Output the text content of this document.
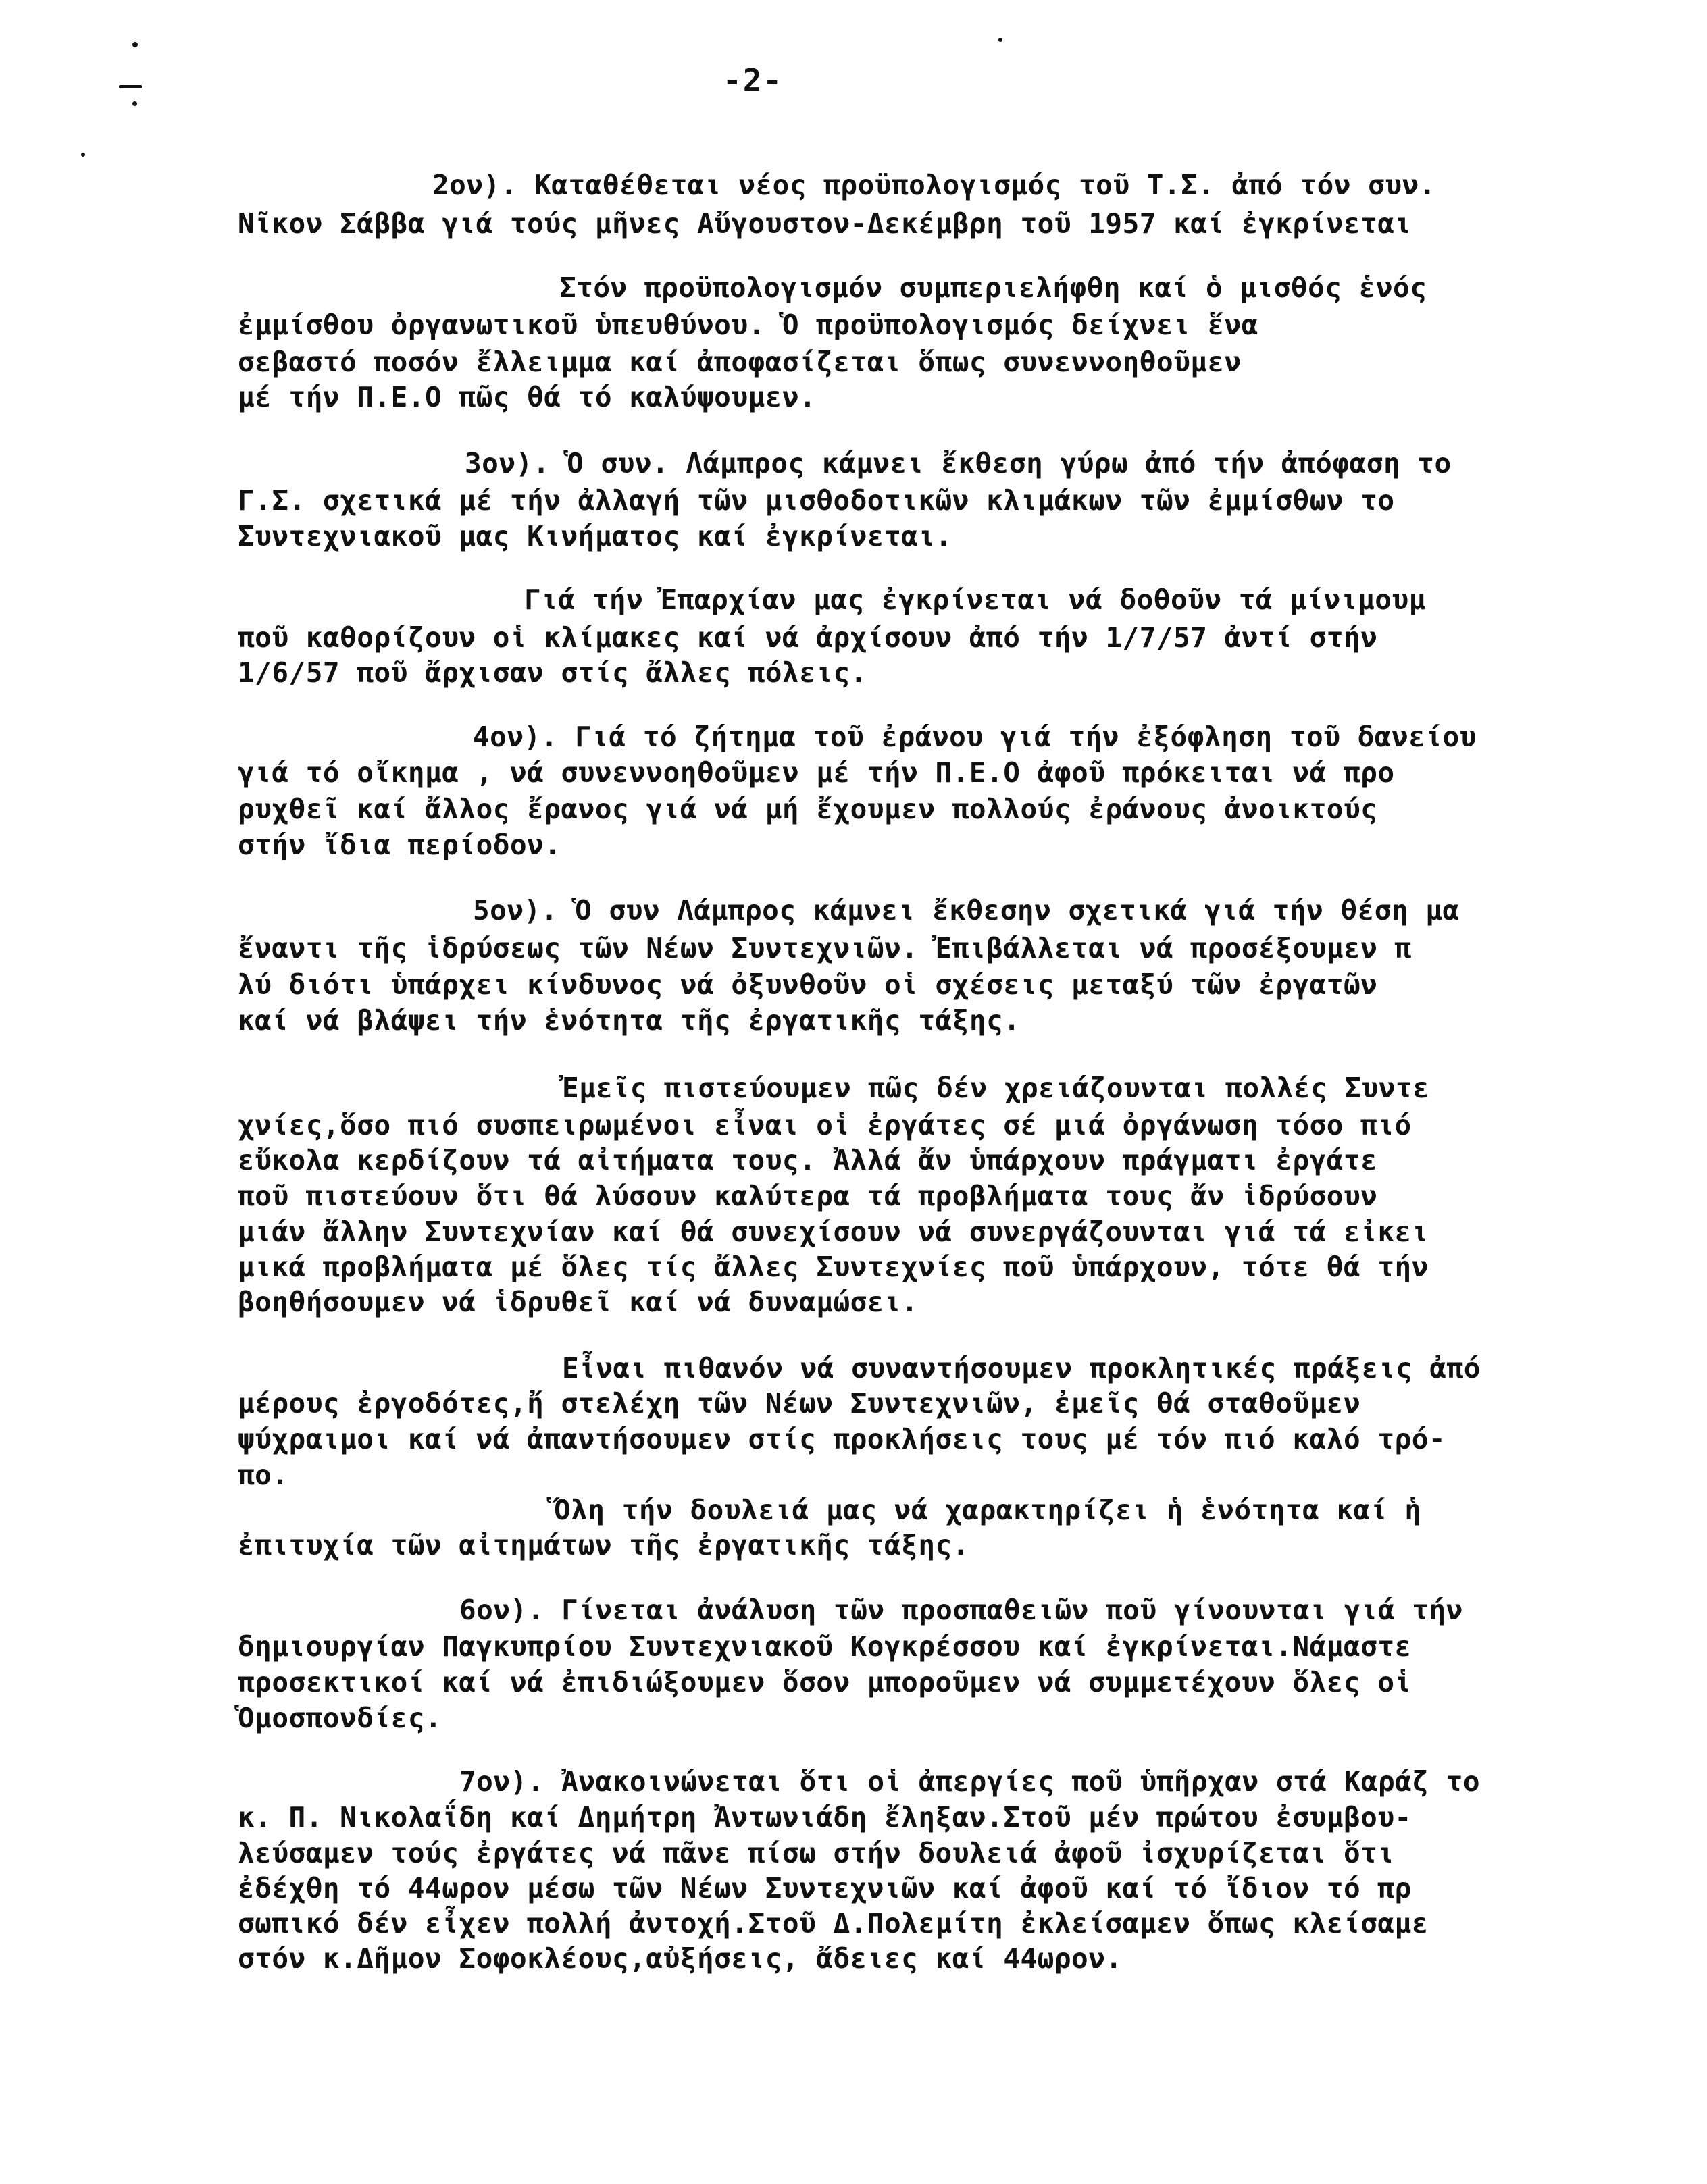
-2-
2ον). Καταθέθεται νέος προϋπολογισμός τοῦ Τ.Σ. ἀπό τόν συν.
Νῖκον Σάββα γιά τούς μῆνες Αὔγουστον-Δεκέμβρη τοῦ 1957 καί ἐγκρίνεται
Στόν προϋπολογισμόν συμπεριελήφθη καί ὁ μισθός ἑνός
ἐμμίσθου ὀργανωτικοῦ ὑπευθύνου. Ὁ προϋπολογισμός δείχνει ἕνα
σεβαστό ποσόν ἔλλειμμα καί ἀποφασίζεται ὅπως συνεννοηθοῦμεν
μέ τήν Π.Ε.Ο πῶς θά τό καλύψουμεν.
3ον). Ὁ συν. Λάμπρος κάμνει ἔκθεση γύρω ἀπό τήν ἀπόφαση το
Γ.Σ. σχετικά μέ τήν ἀλλαγή τῶν μισθοδοτικῶν κλιμάκων τῶν ἐμμίσθων το
Συντεχνιακοῦ μας Κινήματος καί ἐγκρίνεται.
Γιά τήν Ἐπαρχίαν μας ἐγκρίνεται νά δοθοῦν τά μίνιμουμ
ποῦ καθορίζουν οἱ κλίμακες καί νά ἀρχίσουν ἀπό τήν 1/7/57 ἀντί στήν
1/6/57 ποῦ ἄρχισαν στίς ἄλλες πόλεις.
4ον). Γιά τό ζήτημα τοῦ ἐράνου γιά τήν ἐξόφληση τοῦ δανείου
γιά τό οἴκημα , νά συνεννοηθοῦμεν μέ τήν Π.Ε.Ο ἀφοῦ πρόκειται νά προ
ρυχθεῖ καί ἄλλος ἔρανος γιά νά μή ἔχουμεν πολλούς ἐράνους ἀνοικτούς
στήν ἴδια περίοδον.
5ον). Ὁ συν Λάμπρος κάμνει ἔκθεσην σχετικά γιά τήν θέση μα
ἔναντι τῆς ἱδρύσεως τῶν Νέων Συντεχνιῶν. Ἐπιβάλλεται νά προσέξουμεν π
λύ διότι ὑπάρχει κίνδυνος νά ὀξυνθοῦν οἱ σχέσεις μεταξύ τῶν ἐργατῶν
καί νά βλάψει τήν ἑνότητα τῆς ἐργατικῆς τάξης.
Ἐμεῖς πιστεύουμεν πῶς δέν χρειάζουνται πολλές Συντε
χνίες,ὅσο πιό συσπειρωμένοι εἶναι οἱ ἐργάτες σέ μιά ὀργάνωση τόσο πιό
εὔκολα κερδίζουν τά αἰτήματα τους. Ἀλλά ἄν ὑπάρχουν πράγματι ἐργάτε
ποῦ πιστεύουν ὅτι θά λύσουν καλύτερα τά προβλήματα τους ἄν ἱδρύσουν
μιάν ἄλλην Συντεχνίαν καί θά συνεχίσουν νά συνεργάζουνται γιά τά εἰκει
μικά προβλήματα μέ ὅλες τίς ἄλλες Συντεχνίες ποῦ ὑπάρχουν, τότε θά τήν
βοηθήσουμεν νά ἱδρυθεῖ καί νά δυναμώσει.
Εἶναι πιθανόν νά συναντήσουμεν προκλητικές πράξεις ἀπό
μέρους ἐργοδότες,ἤ στελέχη τῶν Νέων Συντεχνιῶν, ἐμεῖς θά σταθοῦμεν
ψύχραιμοι καί νά ἀπαντήσουμεν στίς προκλήσεις τους μέ τόν πιό καλό τρό-
πο.
Ὅλη τήν δουλειά μας νά χαρακτηρίζει ἡ ἑνότητα καί ἡ
ἐπιτυχία τῶν αἰτημάτων τῆς ἐργατικῆς τάξης.
6ον). Γίνεται ἀνάλυση τῶν προσπαθειῶν ποῦ γίνουνται γιά τήν
δημιουργίαν Παγκυπρίου Συντεχνιακοῦ Κογκρέσσου καί ἐγκρίνεται.Νάμαστε
προσεκτικοί καί νά ἐπιδιώξουμεν ὅσον μποροῦμεν νά συμμετέχουν ὅλες οἱ
Ὁμοσπονδίες.
7ον). Ἀνακοινώνεται ὅτι οἱ ἀπεργίες ποῦ ὑπῆρχαν στά Καράζ το
κ. Π. Νικολαΐδη καί Δημήτρη Ἀντωνιάδη ἔληξαν.Στοῦ μέν πρώτου ἐσυμβου-
λεύσαμεν τούς ἐργάτες νά πᾶνε πίσω στήν δουλειά ἀφοῦ ἰσχυρίζεται ὅτι
ἐδέχθη τό 44ωρον μέσω τῶν Νέων Συντεχνιῶν καί ἀφοῦ καί τό ἴδιον τό πρ
σωπικό δέν εἶχεν πολλή ἀντοχή.Στοῦ Δ.Πολεμίτη ἐκλείσαμεν ὅπως κλείσαμε
στόν κ.Δῆμον Σοφοκλέους,αὐξήσεις, ἄδειες καί 44ωρον.
